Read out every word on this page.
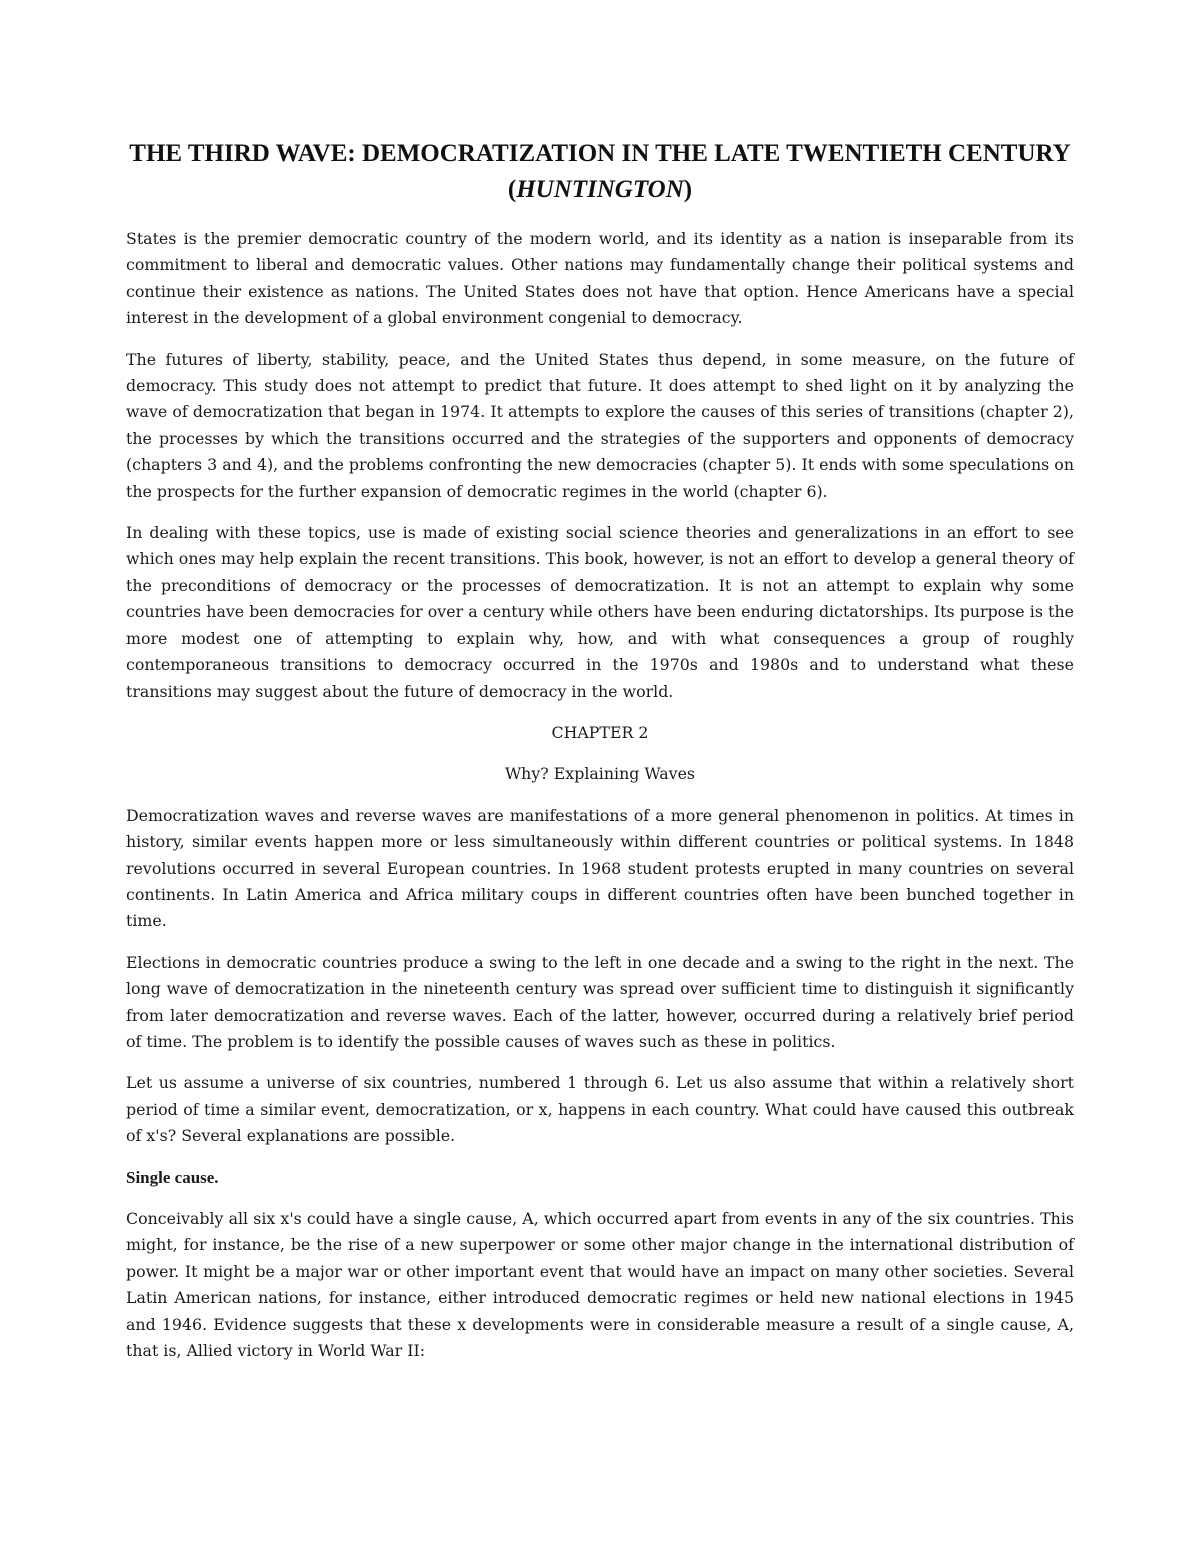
THE THIRD WAVE: DEMOCRATIZATION IN THE LATE TWENTIETH CENTURY (HUNTINGTON)

States is the premier democratic country of the modern world, and its identity as a nation is inseparable from its commitment to liberal and democratic values. Other nations may fundamentally change their political systems and continue their existence as nations. The United States does not have that option. Hence Americans have a special interest in the development of a global environment congenial to democracy.

The futures of liberty, stability, peace, and the United States thus depend, in some measure, on the future of democracy. This study does not attempt to predict that future. It does attempt to shed light on it by analyzing the wave of democratization that began in 1974. It attempts to explore the causes of this series of transitions (chapter 2), the processes by which the transitions occurred and the strategies of the supporters and opponents of democracy (chapters 3 and 4), and the problems confronting the new democracies (chapter 5). It ends with some speculations on the prospects for the further expansion of democratic regimes in the world (chapter 6).

In dealing with these topics, use is made of existing social science theories and generalizations in an effort to see which ones may help explain the recent transitions. This book, however, is not an effort to develop a general theory of the preconditions of democracy or the processes of democratization. It is not an attempt to explain why some countries have been democracies for over a century while others have been enduring dictatorships. Its purpose is the more modest one of attempting to explain why, how, and with what consequences a group of roughly contemporaneous transitions to democracy occurred in the 1970s and 1980s and to understand what these transitions may suggest about the future of democracy in the world.

CHAPTER 2

Why? Explaining Waves

Democratization waves and reverse waves are manifestations of a more general phenomenon in politics. At times in history, similar events happen more or less simultaneously within different countries or political systems. In 1848 revolutions occurred in several European countries. In 1968 student protests erupted in many countries on several continents. In Latin America and Africa military coups in different countries often have been bunched together in time.

Elections in democratic countries produce a swing to the left in one decade and a swing to the right in the next. The long wave of democratization in the nineteenth century was spread over sufficient time to distinguish it significantly from later democratization and reverse waves. Each of the latter, however, occurred during a relatively brief period of time. The problem is to identify the possible causes of waves such as these in politics.

Let us assume a universe of six countries, numbered 1 through 6. Let us also assume that within a relatively short period of time a similar event, democratization, or x, happens in each country. What could have caused this outbreak of x's? Several explanations are possible.

Single cause.

Conceivably all six x's could have a single cause, A, which occurred apart from events in any of the six countries. This might, for instance, be the rise of a new superpower or some other major change in the international distribution of power. It might be a major war or other important event that would have an impact on many other societies. Several Latin American nations, for instance, either introduced democratic regimes or held new national elections in 1945 and 1946. Evidence suggests that these x developments were in considerable measure a result of a single cause, A, that is, Allied victory in World War II:
